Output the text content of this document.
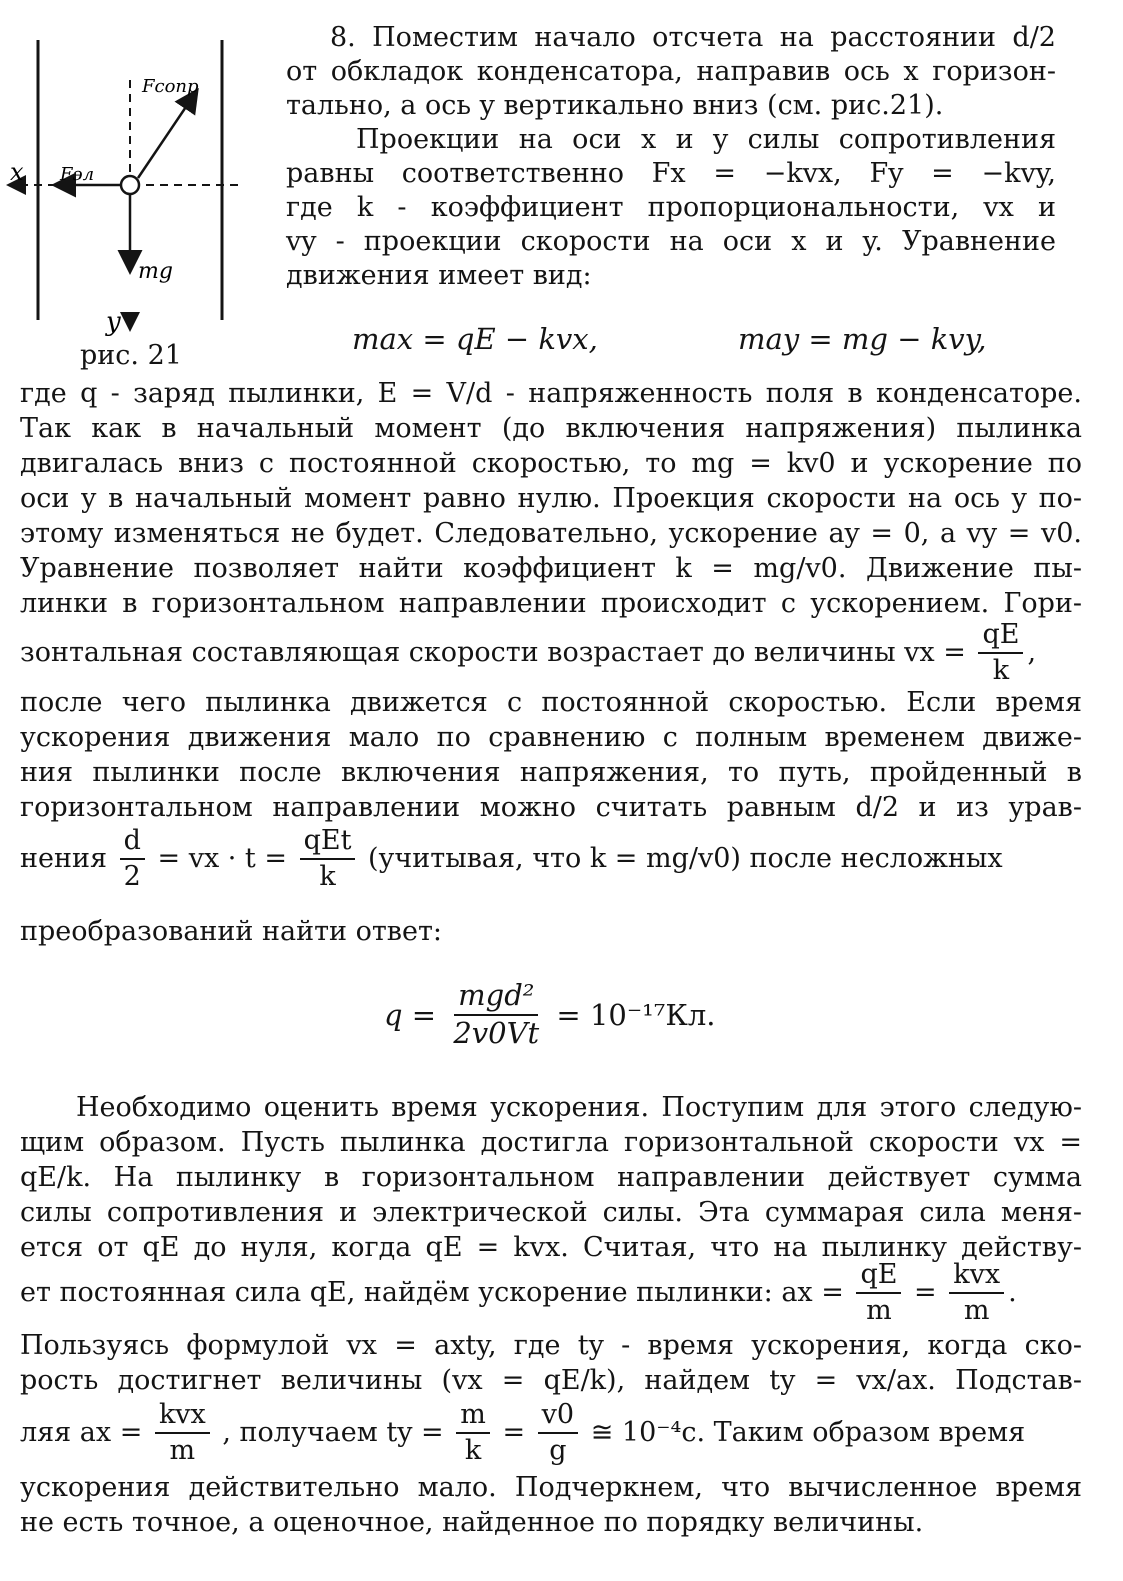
x Fэл
Fсопр
mg
y
рис. 21
8. Поместим начало отсчета на расстоянии d/2
от обкладок конденсатора, направив ось x горизон-
тально, а ось y вертикально вниз (см. рис.21).
Проекции на оси x и y силы сопротивления
равны соответственно Fx = −kvx, Fy = −kvy,
где k - коэффициент пропорциональности, vx и
vy - проекции скорости на оси x и y. Уравнение
движения имеет вид:
max = qE − kvx,	may = mg − kvy,
где q - заряд пылинки, E = V/d - напряженность поля в конденсаторе.
Так как в начальный момент (до включения напряжения) пылинка
двигалась вниз с постоянной скоростью, то mg = kv0 и ускорение по
оси y в начальный момент равно нулю. Проекция скорости на ось y по-
этому изменяться не будет. Следовательно, ускорение ay = 0, а vy = v0.
Уравнение позволяет найти коэффициент k = mg/v0. Движение пы-
линки в горизонтальном направлении происходит с ускорением. Гори-
зонтальная составляющая скорости возрастает до величины vx = $\frac{qE}{k}$ ,
после чего пылинка движется с постоянной скоростью. Если время
ускорения движения мало по сравнению с полным временем движе-
ния пылинки после включения напряжения, то путь, пройденный в
горизонтальном направлении можно считать равным d/2 и из урав-
нения $\frac{d}{2}$ = vx · $t = \frac{\text{qEt}}{k}$ (учитывая, что k = mg/v0) после несложных
преобразований найти ответ:
$q = \frac{\text{mgd²}}{2v0Vt} = 10^{-17}Кл$.
Необходимо оценить время ускорения. Поступим для этого следую-
щим образом. Пусть пылинка достигла горизонтальной скорости vx =
qE/k. На пылинку в горизонтальном направлении действует сумма
силы сопротивления и электрической силы. Эта суммарая сила меня-
ется от qE до нуля, когда qE = kvx. Считая, что на пылинку действу-
ет постоянная сила qE, найдём ускорение пылинки: ax = $\frac{qE}{m} = \frac{\text{kvx}}{m}$ .
Пользуясь формулой vx = axty, где ty - время ускорения, когда ско-
рость достигнет величины (vx = qE/k), найдем ty = vx/ax. Подстав-
ляя ax = $\frac{\text{kvx}}{m}$ , получаем ty = $\frac{m}{k} = \frac{v0}{g}$ ≅ 10⁻⁴с. Таким образом время
ускорения действительно мало. Подчеркнем, что вычисленное время
не есть точное, а оценочное, найденное по порядку величины.
